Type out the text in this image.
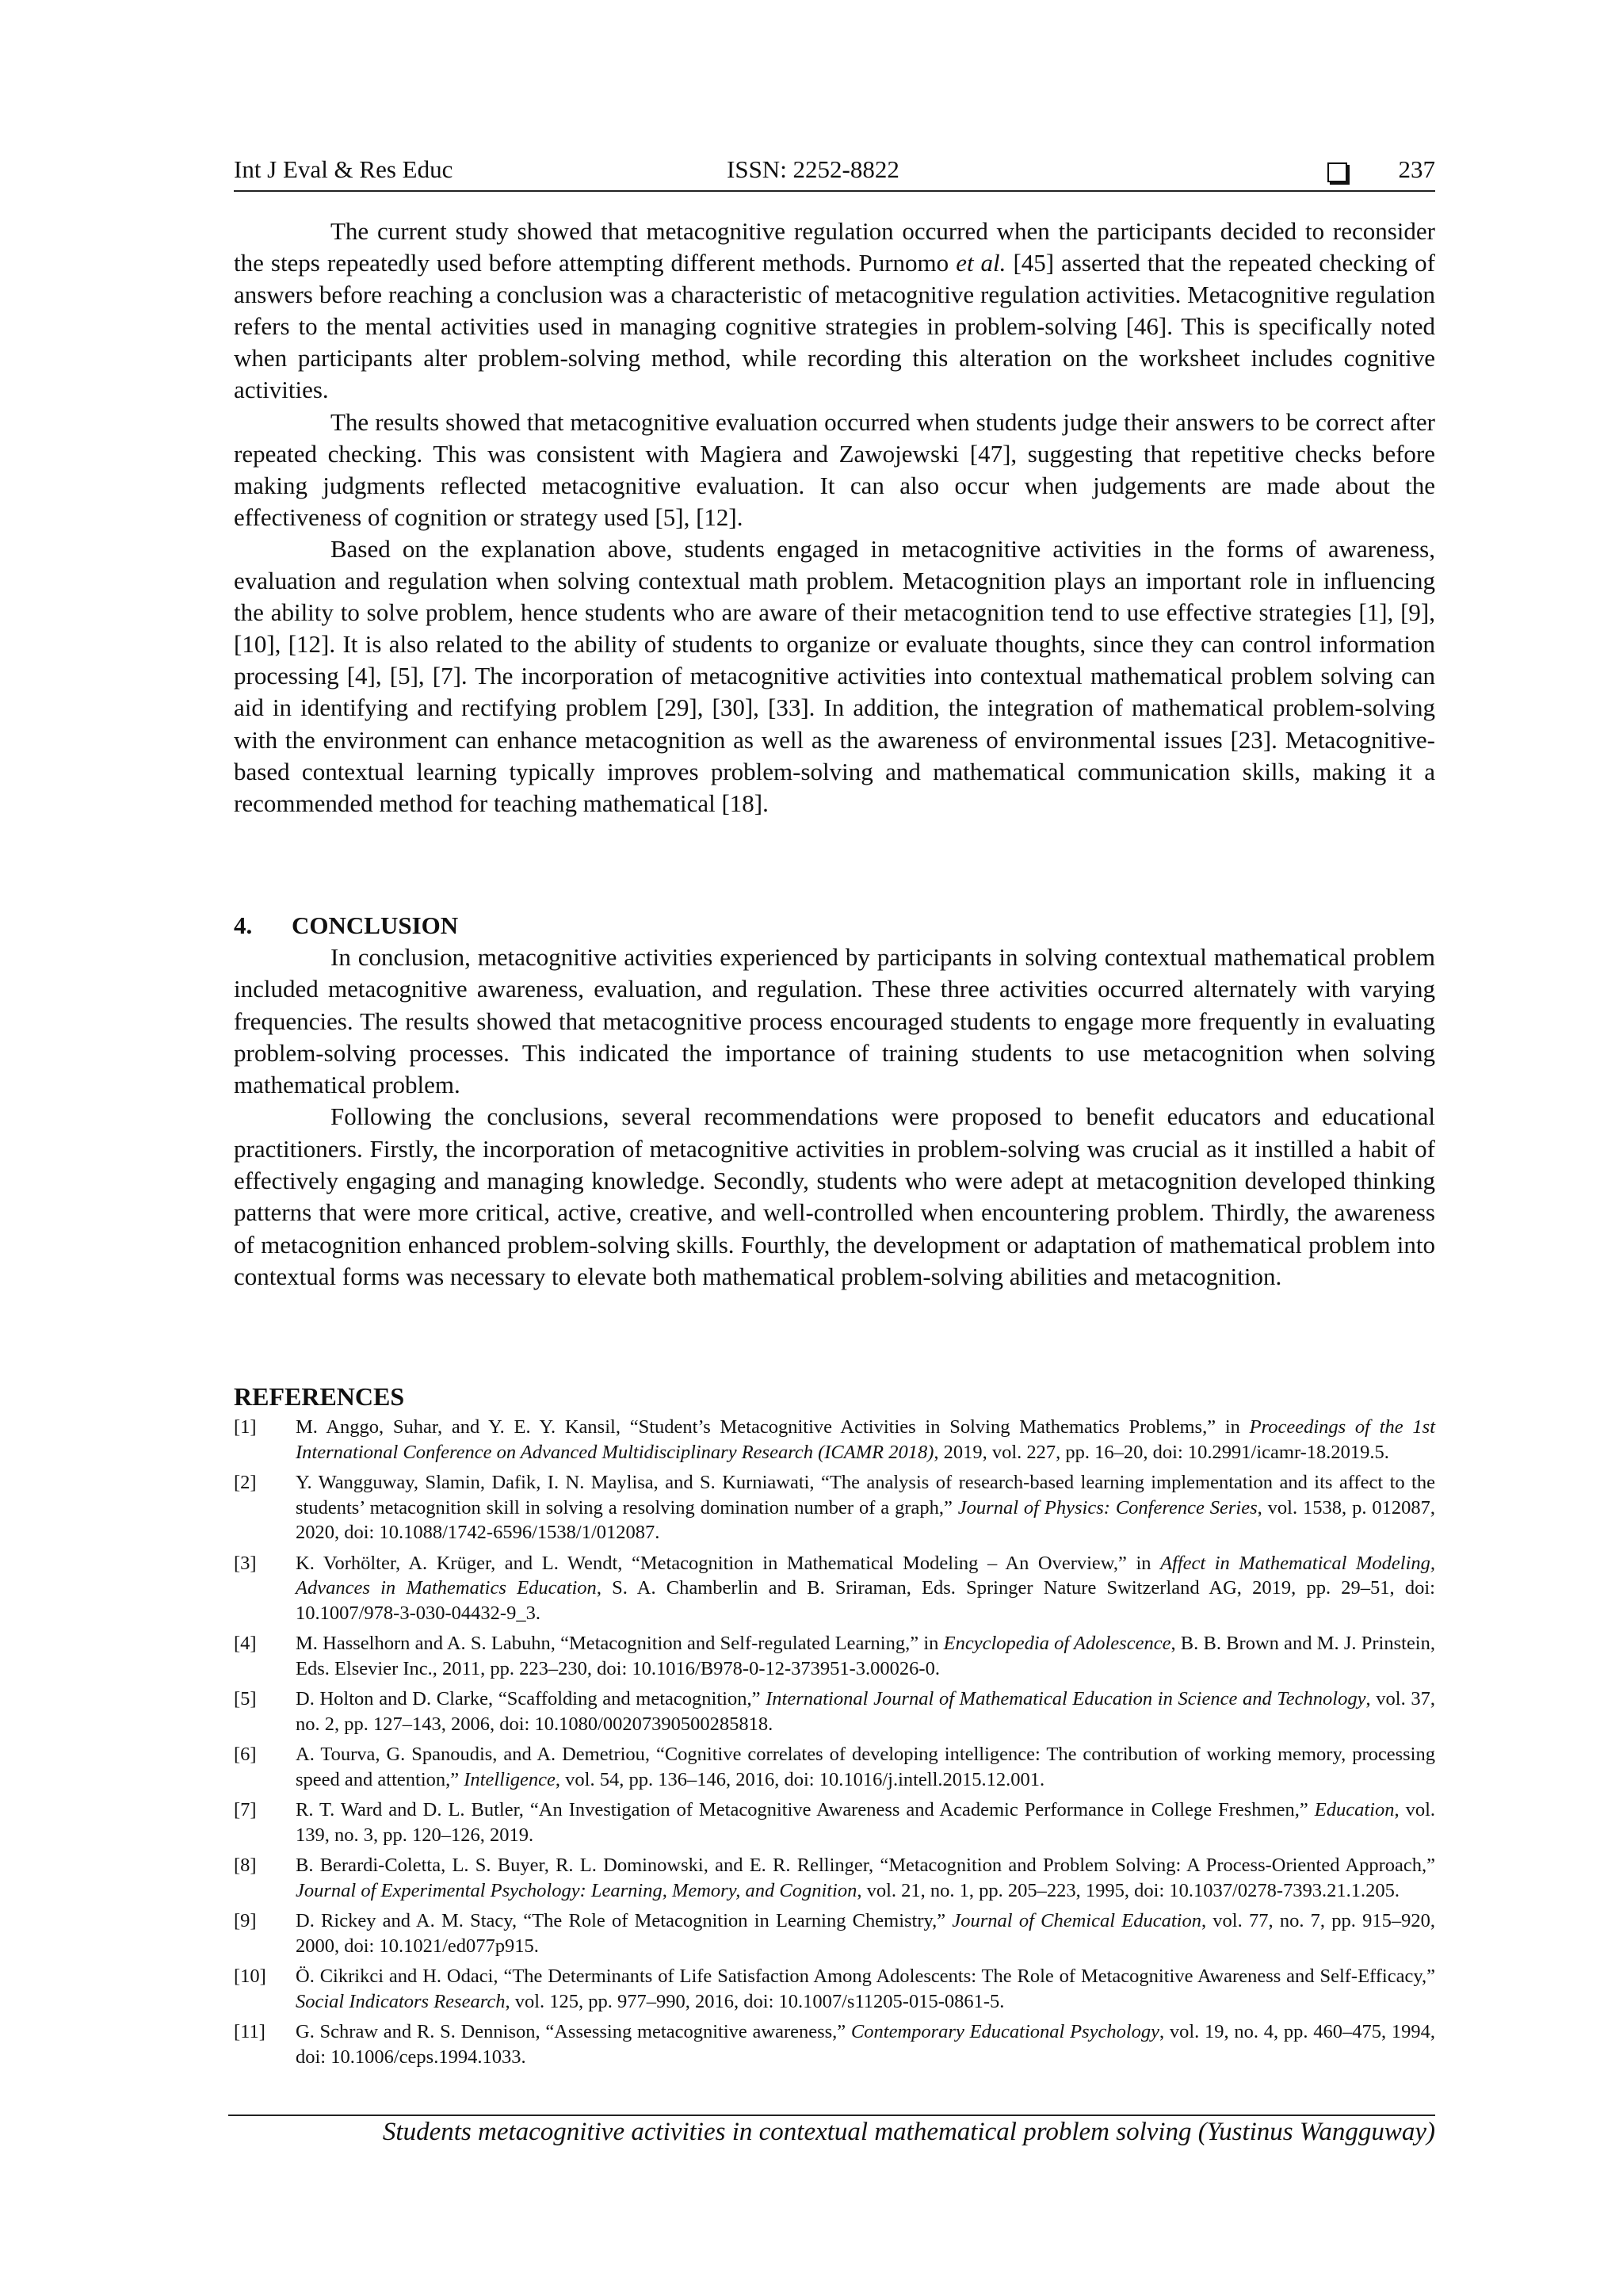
Int J Eval & Res Educ	ISSN: 2252-8822	237

The current study showed that metacognitive regulation occurred when the participants decided to reconsider the steps repeatedly used before attempting different methods. Purnomo et al. [45] asserted that the repeated checking of answers before reaching a conclusion was a characteristic of metacognitive regulation activities. Metacognitive regulation refers to the mental activities used in managing cognitive strategies in problem-solving [46]. This is specifically noted when participants alter problem-solving method, while recording this alteration on the worksheet includes cognitive activities.

The results showed that metacognitive evaluation occurred when students judge their answers to be correct after repeated checking. This was consistent with Magiera and Zawojewski [47], suggesting that repetitive checks before making judgments reflected metacognitive evaluation. It can also occur when judgements are made about the effectiveness of cognition or strategy used [5], [12].

Based on the explanation above, students engaged in metacognitive activities in the forms of awareness, evaluation and regulation when solving contextual math problem. Metacognition plays an important role in influencing the ability to solve problem, hence students who are aware of their metacognition tend to use effective strategies [1], [9], [10], [12]. It is also related to the ability of students to organize or evaluate thoughts, since they can control information processing [4], [5], [7]. The incorporation of metacognitive activities into contextual mathematical problem solving can aid in identifying and rectifying problem [29], [30], [33]. In addition, the integration of mathematical problem-solving with the environment can enhance metacognition as well as the awareness of environmental issues [23]. Metacognitive-based contextual learning typically improves problem-solving and mathematical communication skills, making it a recommended method for teaching mathematical [18].

4. CONCLUSION

In conclusion, metacognitive activities experienced by participants in solving contextual mathematical problem included metacognitive awareness, evaluation, and regulation. These three activities occurred alternately with varying frequencies. The results showed that metacognitive process encouraged students to engage more frequently in evaluating problem-solving processes. This indicated the importance of training students to use metacognition when solving mathematical problem.

Following the conclusions, several recommendations were proposed to benefit educators and educational practitioners. Firstly, the incorporation of metacognitive activities in problem-solving was crucial as it instilled a habit of effectively engaging and managing knowledge. Secondly, students who were adept at metacognition developed thinking patterns that were more critical, active, creative, and well-controlled when encountering problem. Thirdly, the awareness of metacognition enhanced problem-solving skills. Fourthly, the development or adaptation of mathematical problem into contextual forms was necessary to elevate both mathematical problem-solving abilities and metacognition.

REFERENCES
[1] M. Anggo, Suhar, and Y. E. Y. Kansil, “Student’s Metacognitive Activities in Solving Mathematics Problems,” in Proceedings of the 1st International Conference on Advanced Multidisciplinary Research (ICAMR 2018), 2019, vol. 227, pp. 16–20, doi: 10.2991/icamr-18.2019.5.
[2] Y. Wangguway, Slamin, Dafik, I. N. Maylisa, and S. Kurniawati, “The analysis of research-based learning implementation and its affect to the students’ metacognition skill in solving a resolving domination number of a graph,” Journal of Physics: Conference Series, vol. 1538, p. 012087, 2020, doi: 10.1088/1742-6596/1538/1/012087.
[3] K. Vorhölter, A. Krüger, and L. Wendt, “Metacognition in Mathematical Modeling – An Overview,” in Affect in Mathematical Modeling, Advances in Mathematics Education, S. A. Chamberlin and B. Sriraman, Eds. Springer Nature Switzerland AG, 2019, pp. 29–51, doi: 10.1007/978-3-030-04432-9_3.
[4] M. Hasselhorn and A. S. Labuhn, “Metacognition and Self-regulated Learning,” in Encyclopedia of Adolescence, B. B. Brown and M. J. Prinstein, Eds. Elsevier Inc., 2011, pp. 223–230, doi: 10.1016/B978-0-12-373951-3.00026-0.
[5] D. Holton and D. Clarke, “Scaffolding and metacognition,” International Journal of Mathematical Education in Science and Technology, vol. 37, no. 2, pp. 127–143, 2006, doi: 10.1080/00207390500285818.
[6] A. Tourva, G. Spanoudis, and A. Demetriou, “Cognitive correlates of developing intelligence: The contribution of working memory, processing speed and attention,” Intelligence, vol. 54, pp. 136–146, 2016, doi: 10.1016/j.intell.2015.12.001.
[7] R. T. Ward and D. L. Butler, “An Investigation of Metacognitive Awareness and Academic Performance in College Freshmen,” Education, vol. 139, no. 3, pp. 120–126, 2019.
[8] B. Berardi-Coletta, L. S. Buyer, R. L. Dominowski, and E. R. Rellinger, “Metacognition and Problem Solving: A Process-Oriented Approach,” Journal of Experimental Psychology: Learning, Memory, and Cognition, vol. 21, no. 1, pp. 205–223, 1995, doi: 10.1037/0278-7393.21.1.205.
[9] D. Rickey and A. M. Stacy, “The Role of Metacognition in Learning Chemistry,” Journal of Chemical Education, vol. 77, no. 7, pp. 915–920, 2000, doi: 10.1021/ed077p915.
[10] Ö. Cikrikci and H. Odaci, “The Determinants of Life Satisfaction Among Adolescents: The Role of Metacognitive Awareness and Self-Efficacy,” Social Indicators Research, vol. 125, pp. 977–990, 2016, doi: 10.1007/s11205-015-0861-5.
[11] G. Schraw and R. S. Dennison, “Assessing metacognitive awareness,” Contemporary Educational Psychology, vol. 19, no. 4, pp. 460–475, 1994, doi: 10.1006/ceps.1994.1033.
Students metacognitive activities in contextual mathematical problem solving (Yustinus Wangguway)
